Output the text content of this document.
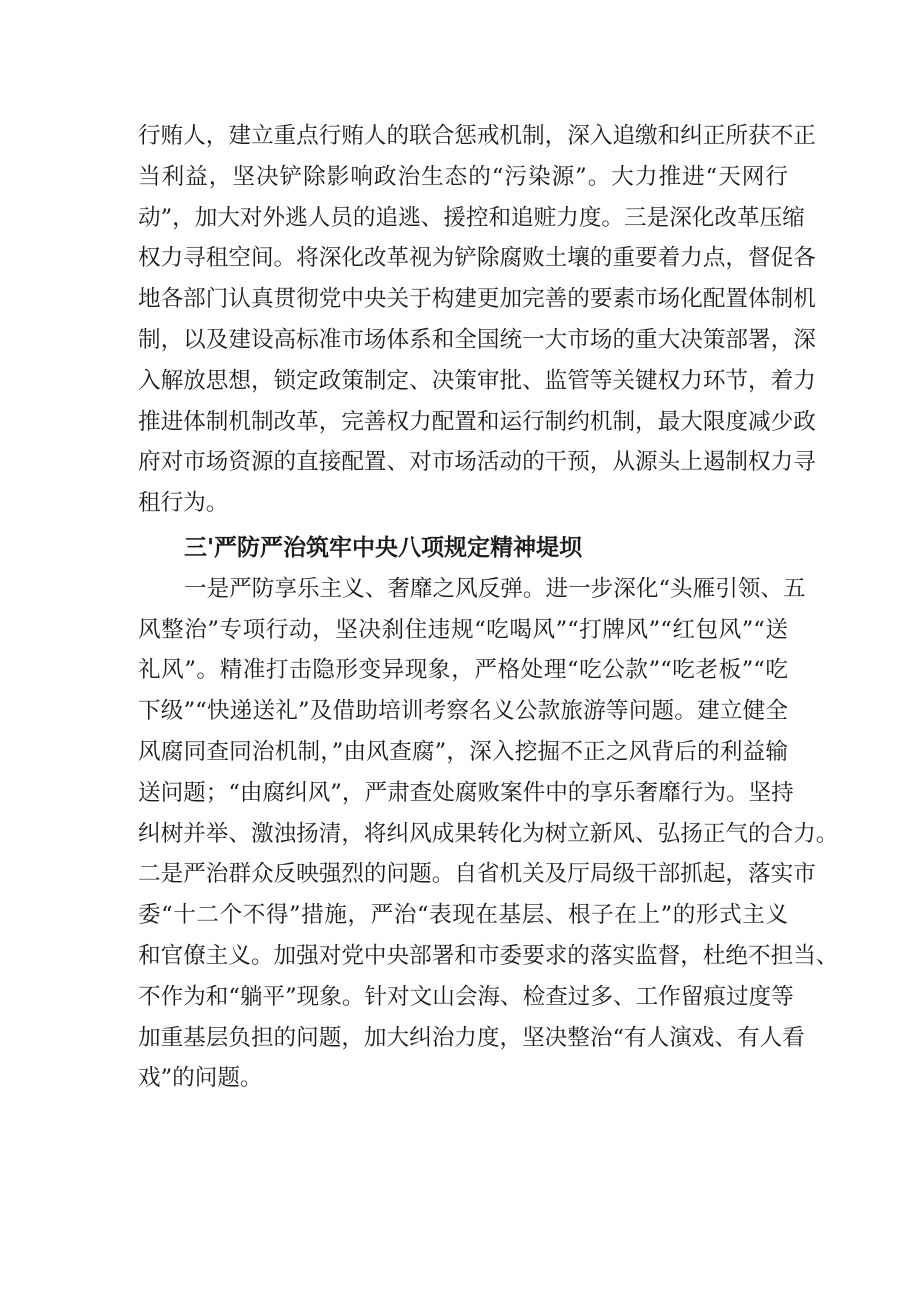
行贿人，建立重点行贿人的联合惩戒机制，深入追缴和纠正所获不正
当利益，坚决铲除影响政治生态的“污染源”。大力推进“天网行
动”，加大对外逃人员的追逃、援控和追赃力度。三是深化改革压缩
权力寻租空间。将深化改革视为铲除腐败土壤的重要着力点，督促各
地各部门认真贯彻党中央关于构建更加完善的要素市场化配置体制机
制，以及建设高标准市场体系和全国统一大市场的重大决策部署，深
入解放思想，锁定政策制定、决策审批、监管等关键权力环节，着力
推进体制机制改革，完善权力配置和运行制约机制，最大限度减少政
府对市场资源的直接配置、对市场活动的干预，从源头上遏制权力寻
租行为。
三'严防严治筑牢中央八项规定精神堤坝
一是严防享乐主义、奢靡之风反弹。进一步深化“头雁引领、五
风整治”专项行动，坚决刹住违规“吃喝风”“打牌风”“红包风”“送
礼风”。精准打击隐形变异现象，严格处理“吃公款”“吃老板”“吃
下级”“快递送礼”及借助培训考察名义公款旅游等问题。建立健全
风腐同查同治机制，”由风查腐”，深入挖掘不正之风背后的利益输
送问题；“由腐纠风”，严肃查处腐败案件中的享乐奢靡行为。坚持
纠树并举、激浊扬清，将纠风成果转化为树立新风、弘扬正气的合力。
二是严治群众反映强烈的问题。自省机关及厅局级干部抓起，落实市
委“十二个不得”措施，严治“表现在基层、根子在上”的形式主义
和官僚主义。加强对党中央部署和市委要求的落实监督，杜绝不担当、
不作为和“躺平”现象。针对文山会海、检查过多、工作留痕过度等
加重基层负担的问题，加大纠治力度，坚决整治“有人演戏、有人看
戏”的问题。
